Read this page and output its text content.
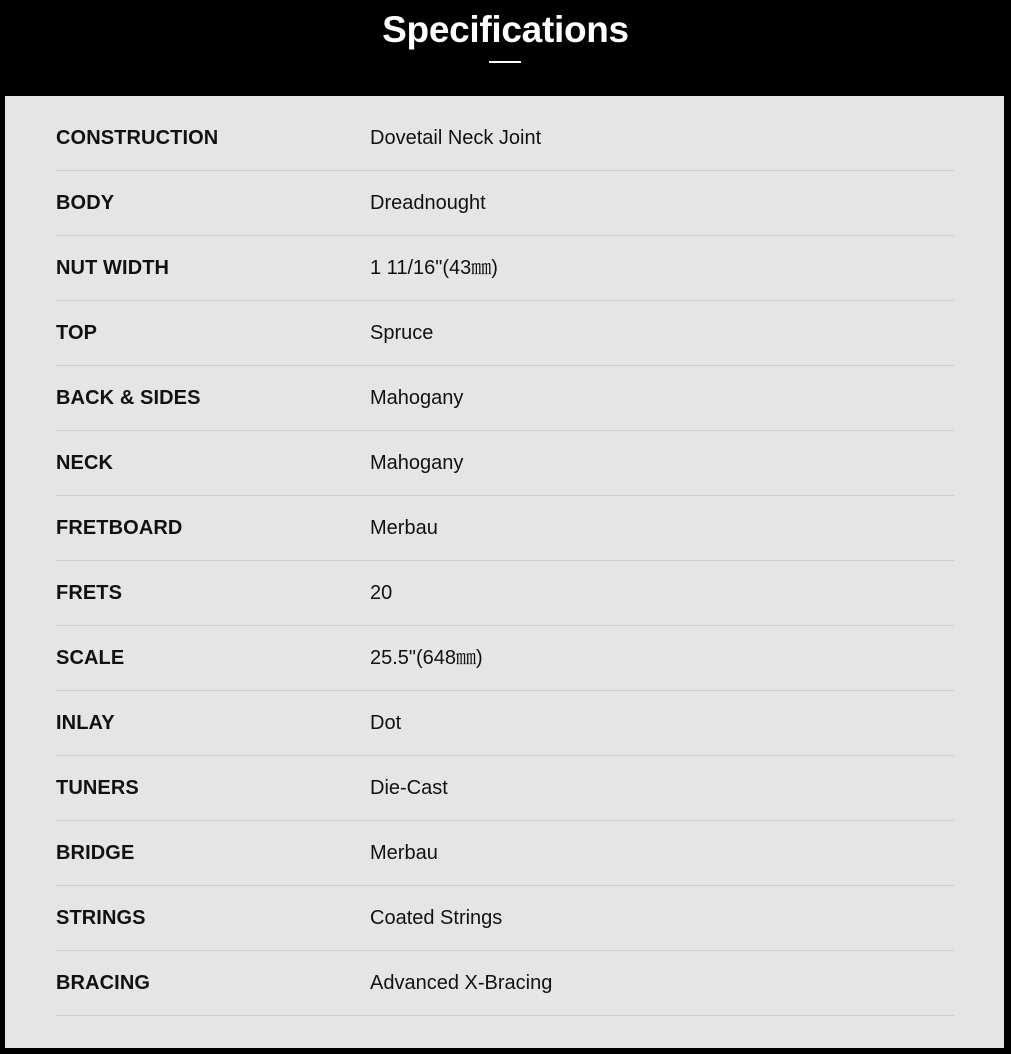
Specifications
CONSTRUCTION	Dovetail Neck Joint
BODY	Dreadnought
NUT WIDTH	1 11/16"(43㎜)
TOP	Spruce
BACK & SIDES	Mahogany
NECK	Mahogany
FRETBOARD	Merbau
FRETS	20
SCALE	25.5"(648㎜)
INLAY	Dot
TUNERS	Die-Cast
BRIDGE	Merbau
STRINGS	Coated Strings
BRACING	Advanced X-Bracing
